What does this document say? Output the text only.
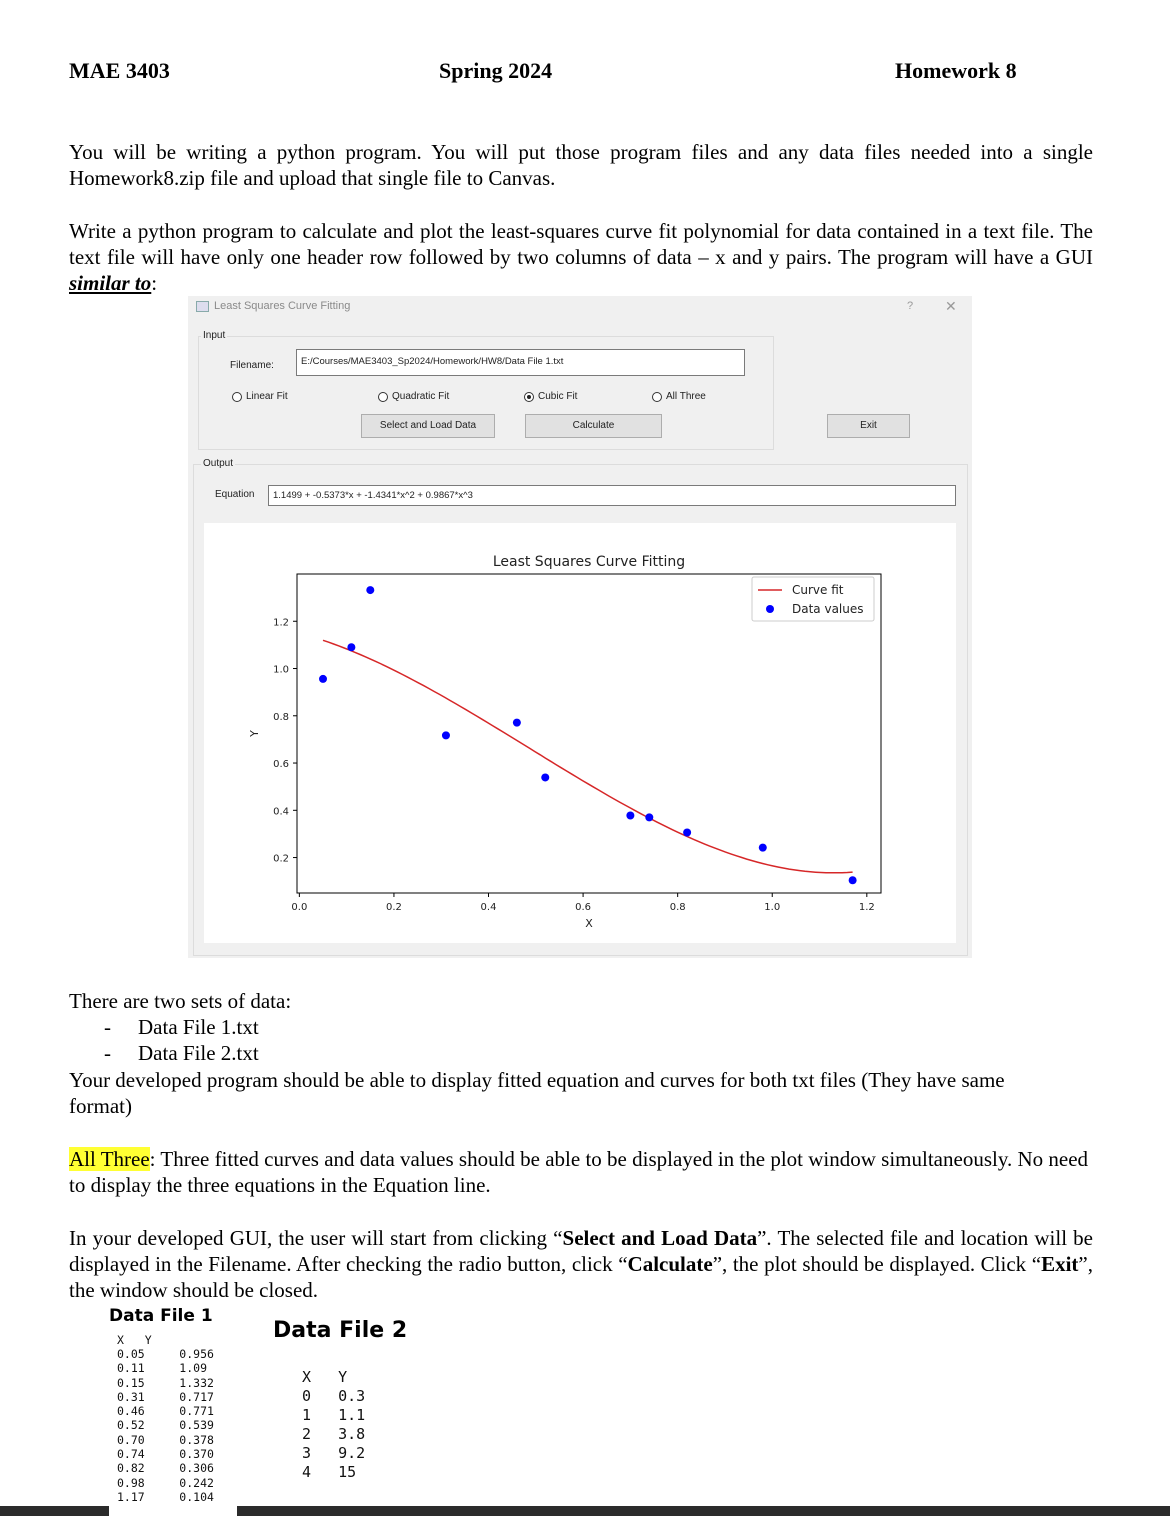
MAE 3403	Spring 2024	Homework 8
You will be writing a python program. You will put those program files and any data files needed into a single Homework8.zip file and upload that single file to Canvas.
Write a python program to calculate and plot the least-squares curve fit polynomial for data contained in a text file. The text file will have only one header row followed by two columns of data – x and y pairs. The program will have a GUI similar to:
Least Squares Curve Fitting	? ✕
Input
Filename:	E:/Courses/MAE3403_Sp2024/Homework/HW8/Data File 1.txt
Linear Fit	Quadratic Fit	Cubic Fit	All Three
Select and Load Data	Calculate	Exit
Output
Equation	1.1499 + -0.5373*x + -1.4341*x^2 + 0.9867*x^3
Least Squares Curve Fitting
0.0	0.2	0.4	0.6	0.8	1.0	1.2
0.2
0.4
0.6
0.8
1.0
1.2
X
Y
Curve fit
Data values
There are two sets of data:
- Data File 1.txt

- Data File 2.txt

Your developed program should be able to display fitted equation and curves for both txt files (They have same format)
All Three: Three fitted curves and data values should be able to be displayed in the plot window simultaneously. No need to display the three equations in the Equation line.
In your developed GUI, the user will start from clicking “Select and Load Data”. The selected file and location will be displayed in the Filename. After checking the radio button, click “Calculate”, the plot should be displayed. Click “Exit”, the window should be closed.
Data File 1
X   Y
0.05     0.956
0.11     1.09
0.15     1.332
0.31     0.717
0.46     0.771
0.52     0.539
0.70     0.378
0.74     0.370
0.82     0.306
0.98     0.242
1.17     0.104
Data File 2
X   Y
0   0.3
1   1.1
2   3.8
3   9.2
4   15
